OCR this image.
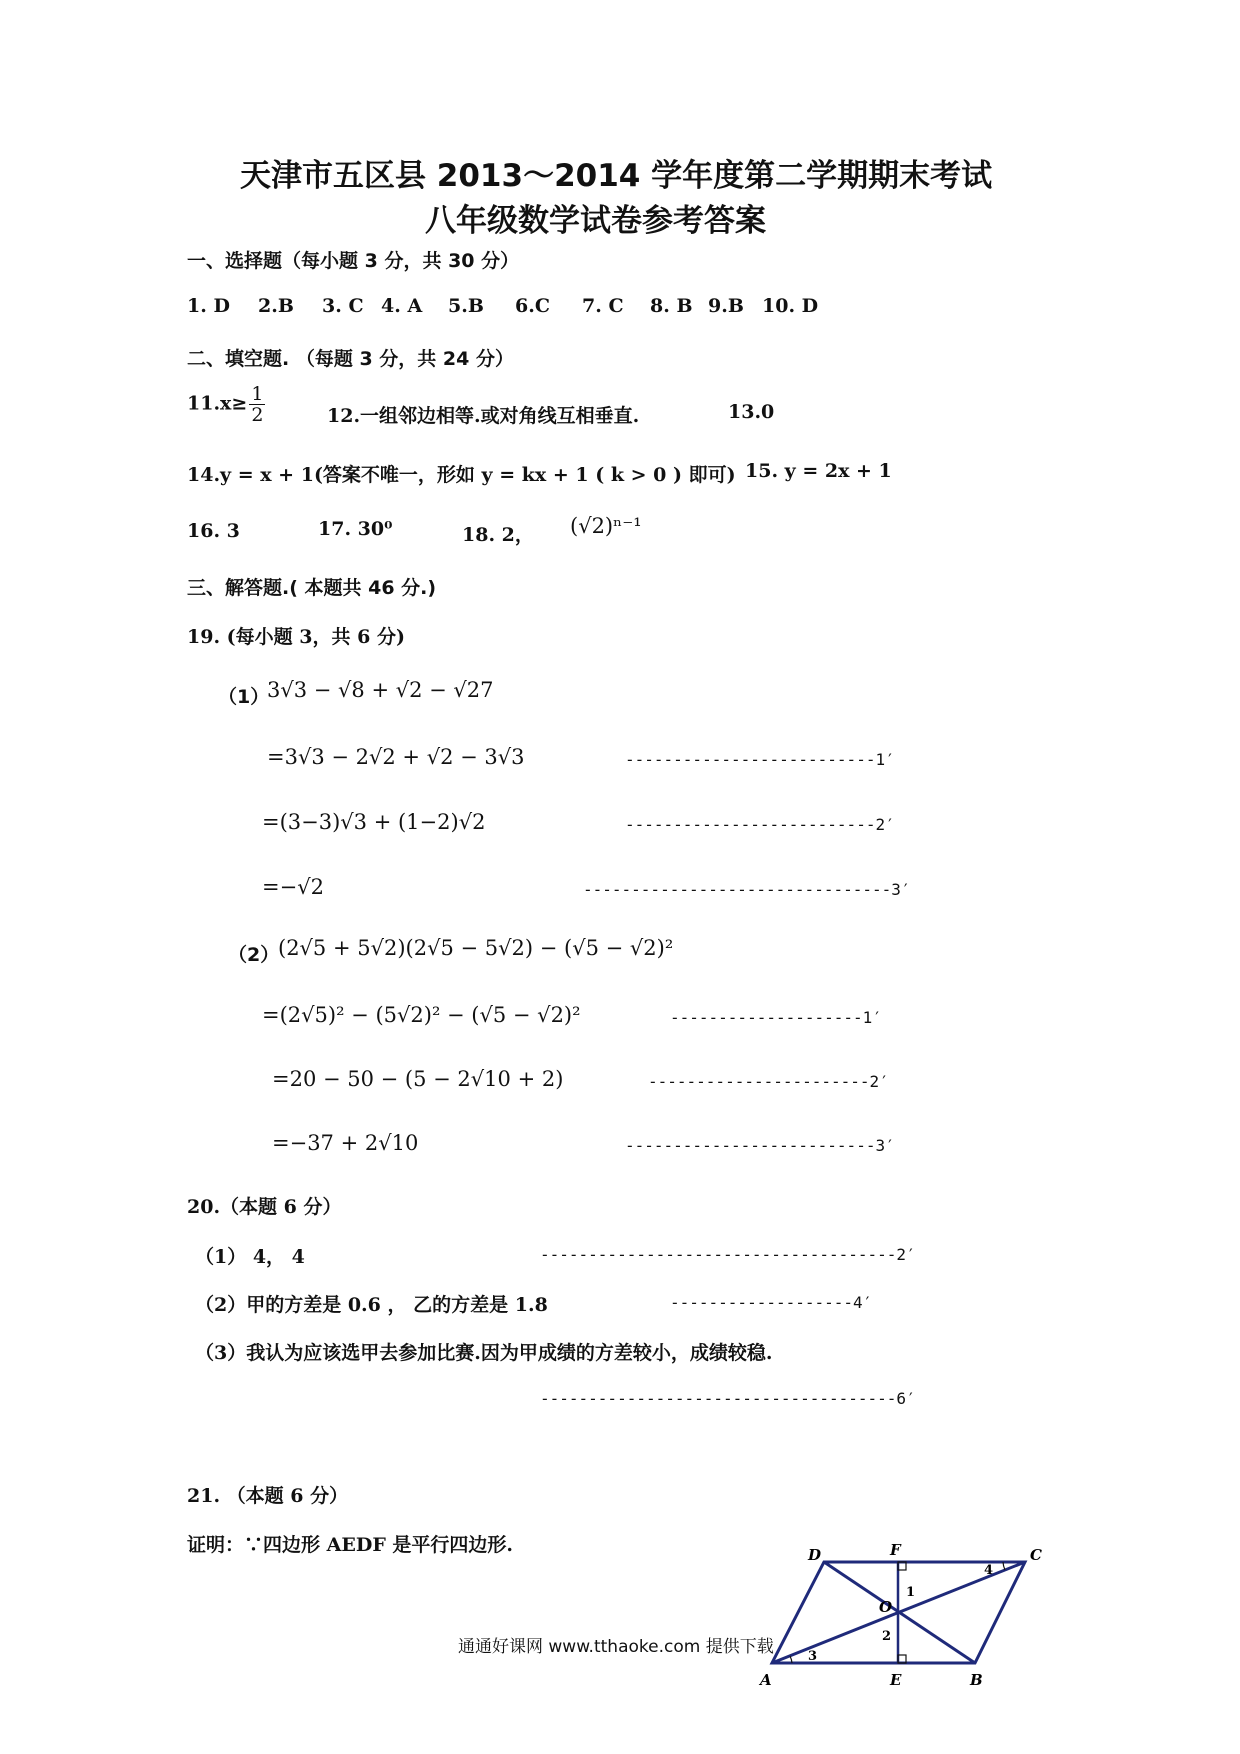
天津市五区县 2013～2014 学年度第二学期期末考试
八年级数学试卷参考答案
一、选择题（每小题 3 分，共 30 分）
1. D 2.B 3. C 4. A 5.B 6.C 7. C 8. B 9.B 10. D
二、填空题. （每题 3 分，共 24 分）
$11.x\ge \frac{1}{2}$	12.一组邻边相等.或对角线互相垂直.	13.0
14.y = x + 1(答案不唯一，形如 y = kx + 1 ( k > 0 ) 即可) 15. y = 2x + 1
16. 3	17. 30⁰	18. 2， (√2)ⁿ⁻¹
三、解答题.( 本题共 46 分.)
19. (每小题 3，共 6 分)
（1）
3√3 − √8 + √2 − √27
=3√3 − 2√2 + √2 − 3√3	--------------------------1′
=(3−3)√3 + (1−2)√2	--------------------------2′
=−√2	--------------------------------3′
（2）
(2√5 + 5√2)(2√5 − 5√2) − (√5 − √2)²
=(2√5)² − (5√2)² − (√5 − √2)²	--------------------1′
=20 − 50 − (5 − 2√10 + 2)	-----------------------2′
=−37 + 2√10	--------------------------3′
20.（本题 6 分）
（1） 4， 4	-------------------------------------2′
（2）甲的方差是 0.6 ， 乙的方差是 1.8	-------------------4′
（3）我认为应该选甲去参加比赛.因为甲成绩的方差较小，成绩较稳.
-------------------------------------6′
21. （本题 6 分）
证明：∵四边形 AEDF 是平行四边形.
A	B
C
D
E
F
O
1
2
3
4
通通好课网 www.tthaoke.com 提供下载
